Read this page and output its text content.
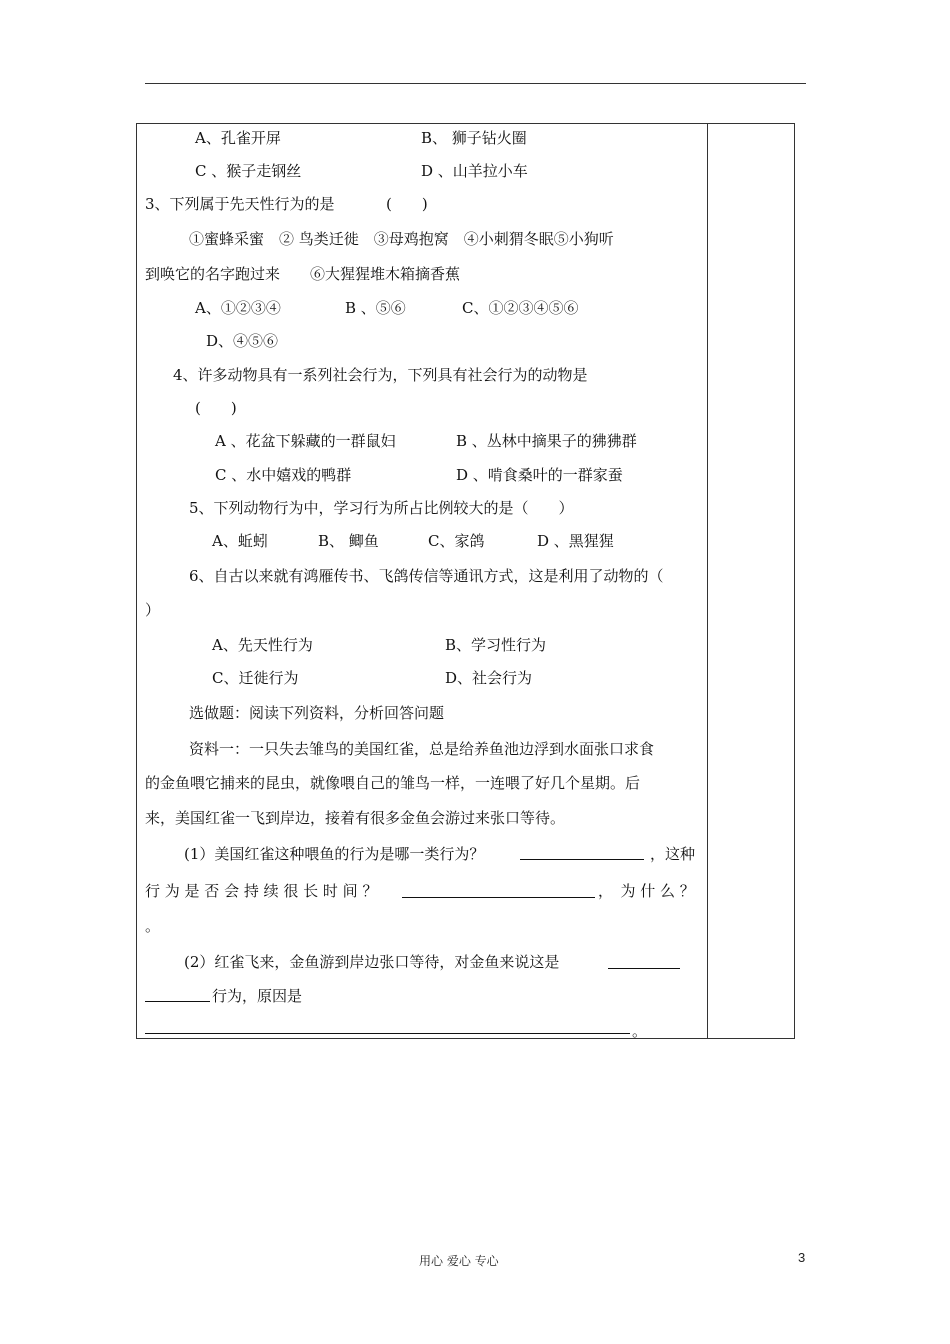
A、孔雀开屏	B、 狮子钻火圈
C 、猴子走钢丝	D 、山羊拉小车
3、下列属于先天性行为的是	(　　)
①蜜蜂采蜜　② 鸟类迁徙　③母鸡抱窝　④小刺猬冬眠⑤小狗听
到唤它的名字跑过来　　⑥大猩猩堆木箱摘香蕉
A、①②③④	B 、⑤⑥	C、①②③④⑤⑥
D、④⑤⑥
4、许多动物具有一系列社会行为，下列具有社会行为的动物是
(　　)
A 、花盆下躲藏的一群鼠妇	B 、丛林中摘果子的狒狒群
C 、水中嬉戏的鸭群	D 、啃食桑叶的一群家蚕
5、下列动物行为中，学习行为所占比例较大的是（　　）
A、蚯蚓	B、 鲫鱼	C、家鸽	D 、黑猩猩
6、自古以来就有鸿雁传书、飞鸽传信等通讯方式，这是利用了动物的（
）
A、先天性行为	B、学习性行为
C、迁徙行为	D、社会行为
选做题：阅读下列资料，分析回答问题
资料一：一只失去雏鸟的美国红雀，总是给养鱼池边浮到水面张口求食
的金鱼喂它捕来的昆虫，就像喂自己的雏鸟一样，一连喂了好几个星期。后
来，美国红雀一飞到岸边，接着有很多金鱼会游过来张口等待。
(1）美国红雀这种喂鱼的行为是哪一类行为？	，这种
行 为 是 否 会 持 续 很 长 时 间 ？	，　为 什 么 ？
。
(2）红雀飞来，金鱼游到岸边张口等待，对金鱼来说这是
行为，原因是
。
用心 爱心 专心	3
